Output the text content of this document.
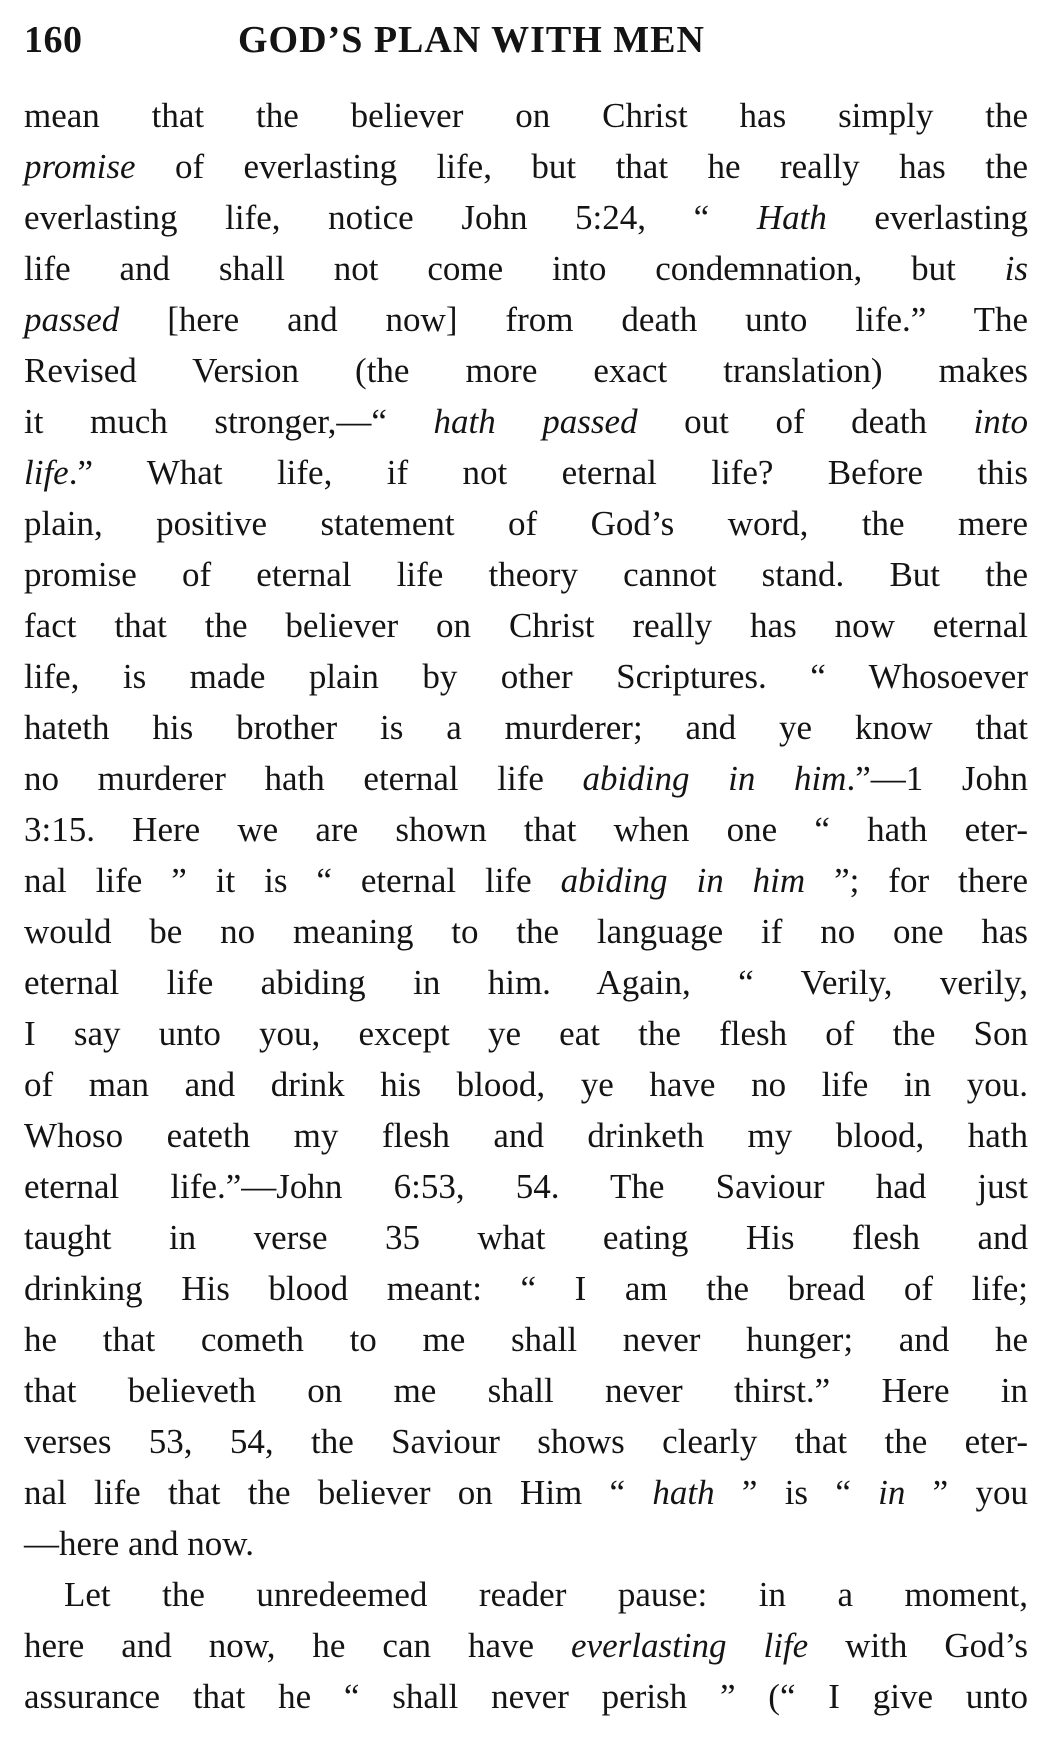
160	GOD’S PLAN WITH MEN
mean that the believer on Christ has simply the
promise of everlasting life, but that he really has the
everlasting life, notice John 5:24, “ Hath everlasting
life and shall not come into condemnation, but is
passed [here and now] from death unto life.” The
Revised Version (the more exact translation) makes
it much stronger,—“ hath passed out of death into
life.” What life, if not eternal life? Before this
plain, positive statement of God’s word, the mere
promise of eternal life theory cannot stand. But the
fact that the believer on Christ really has now eternal
life, is made plain by other Scriptures. “ Whosoever
hateth his brother is a murderer; and ye know that
no murderer hath eternal life abiding in him.”—1 John
3:15. Here we are shown that when one “ hath eter-
nal life ” it is “ eternal life abiding in him ”; for there
would be no meaning to the language if no one has
eternal life abiding in him. Again, “ Verily, verily,
I say unto you, except ye eat the flesh of the Son
of man and drink his blood, ye have no life in you.
Whoso eateth my flesh and drinketh my blood, hath
eternal life.”—John 6:53, 54. The Saviour had just
taught in verse 35 what eating His flesh and
drinking His blood meant: “ I am the bread of life;
he that cometh to me shall never hunger; and he
that believeth on me shall never thirst.” Here in
verses 53, 54, the Saviour shows clearly that the eter-
nal life that the believer on Him “ hath ” is “ in ” you
—here and now.
Let the unredeemed reader pause: in a moment,
here and now, he can have everlasting life with God’s
assurance that he “ shall never perish ” (“ I give unto
